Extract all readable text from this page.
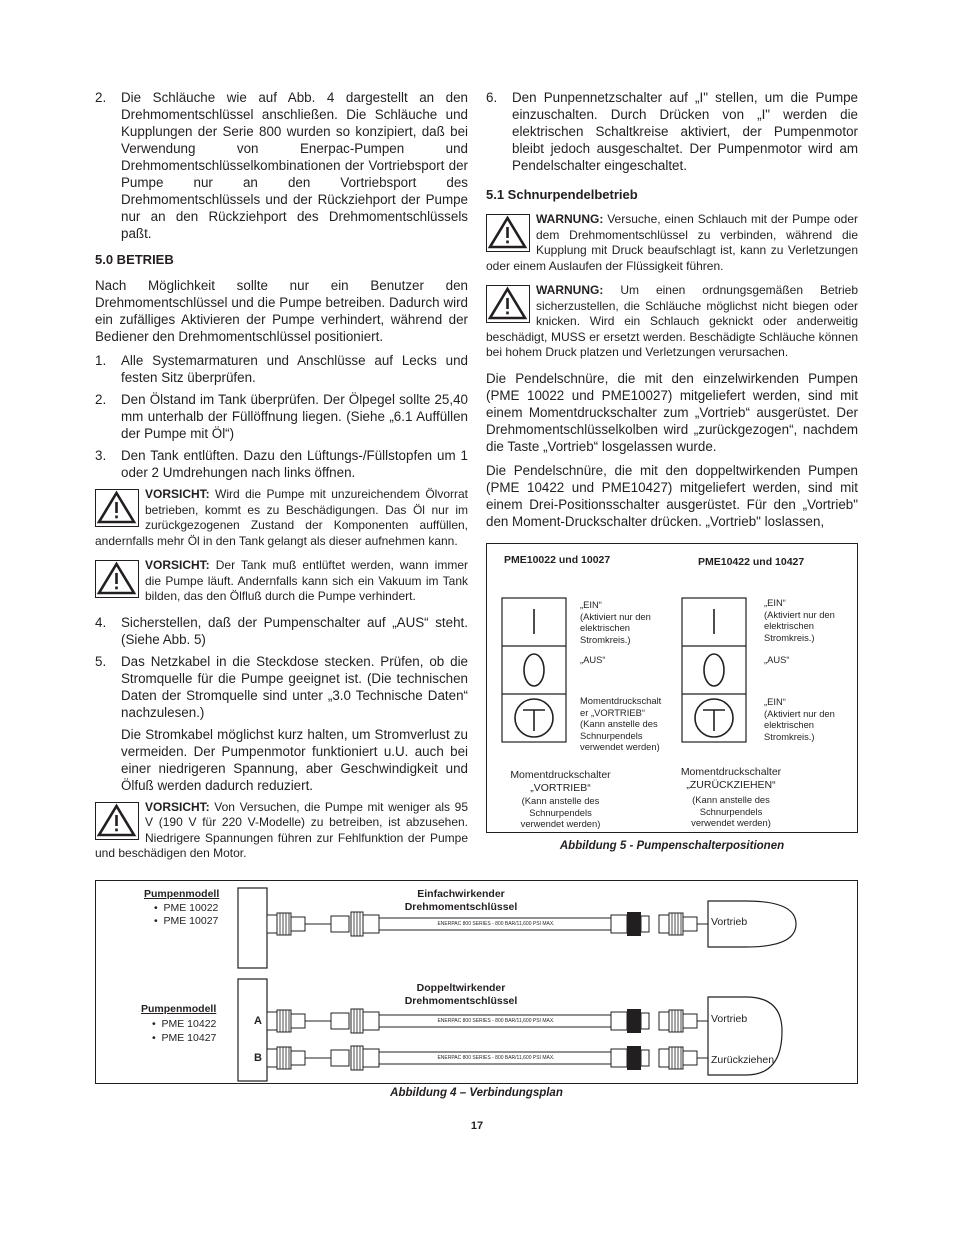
2. Die Schläuche wie auf Abb. 4 dargestellt an den Drehmomentschlüssel anschließen. Die Schläuche und Kupplungen der Serie 800 wurden so konzipiert, daß bei Verwendung von Enerpac-Pumpen und Drehmomentschlüsselkombinationen der Vortriebsport der Pumpe nur an den Vortriebsport des Drehmomentschlüssels und der Rückziehport der Pumpe nur an den Rückziehport des Drehmomentschlüssels paßt.
5.0 BETRIEB

Nach Möglichkeit sollte nur ein Benutzer den Drehmomentschlüssel und die Pumpe betreiben. Dadurch wird ein zufälliges Aktivieren der Pumpe verhindert, während der Bediener den Drehmomentschlüssel positioniert.

1. Alle Systemarmaturen und Anschlüsse auf Lecks und festen Sitz überprüfen.
2. Den Ölstand im Tank überprüfen. Der Ölpegel sollte 25,40 mm unterhalb der Füllöffnung liegen. (Siehe „6.1 Auffüllen der Pumpe mit Öl“)
3. Den Tank entlüften. Dazu den Lüftungs-/Füllstopfen um 1 oder 2 Umdrehungen nach links öffnen.
VORSICHT: Wird die Pumpe mit unzureichendem Ölvorrat betrieben, kommt es zu Beschädigungen. Das Öl nur im zurückgezogenen Zustand der Komponenten auffüllen, andernfalls mehr Öl in den Tank gelangt als dieser aufnehmen kann.
VORSICHT: Der Tank muß entlüftet werden, wann immer die Pumpe läuft. Andernfalls kann sich ein Vakuum im Tank bilden, das den Ölfluß durch die Pumpe verhindert.
4. Sicherstellen, daß der Pumpenschalter auf „AUS“ steht. (Siehe Abb. 5)
5. Das Netzkabel in die Steckdose stecken. Prüfen, ob die Stromquelle für die Pumpe geeignet ist. (Die technischen Daten der Stromquelle sind unter „3.0 Technische Daten“ nachzulesen.)
Die Stromkabel möglichst kurz halten, um Stromverlust zu vermeiden. Der Pumpenmotor funktioniert u.U. auch bei einer niedrigeren Spannung, aber Geschwindigkeit und Ölfuß werden dadurch reduziert.
VORSICHT: Von Versuchen, die Pumpe mit weniger als 95 V (190 V für 220 V-Modelle) zu betreiben, ist abzusehen. Niedrigere Spannungen führen zur Fehlfunktion der Pumpe und beschädigen den Motor.
6. Den Punpennetzschalter auf „I" stellen, um die Pumpe einzuschalten. Durch Drücken von „I" werden die elektrischen Schaltkreise aktiviert, der Pumpenmotor bleibt jedoch ausgeschaltet. Der Pumpenmotor wird am Pendelschalter eingeschaltet.
5.1 Schnurpendelbetrieb
WARNUNG: Versuche, einen Schlauch mit der Pumpe oder dem Drehmomentschlüssel zu verbinden, während die Kupplung mit Druck beaufschlagt ist, kann zu Verletzungen oder einem Auslaufen der Flüssigkeit führen.
WARNUNG: Um einen ordnungsgemäßen Betrieb sicherzustellen, die Schläuche möglichst nicht biegen oder knicken. Wird ein Schlauch geknickt oder anderweitig beschädigt, MUSS er ersetzt werden. Beschädigte Schläuche können bei hohem Druck platzen und Verletzungen verursachen.

Die Pendelschnüre, die mit den einzelwirkenden Pumpen (PME 10022 und PME10027) mitgeliefert werden, sind mit einem Momentdruckschalter zum „Vortrieb“ ausgerüstet. Der Drehmomentschlüsselkolben wird „zurückgezogen“, nachdem die Taste „Vortrieb“ losgelassen wurde.

Die Pendelschnüre, die mit den doppeltwirkenden Pumpen (PME 10422 und PME10427) mitgeliefert werden, sind mit einem Drei-Positionsschalter ausgerüstet. Für den „Vortrieb" den Moment-Druckschalter drücken. „Vortrieb" loslassen,

PME10022 und 10027	PME10422 und 10427
„EIN“
(Aktiviert nur den
elektrischen
Stromkreis.)
„AUS“
Momentdruckschalt
er „VORTRIEB“
(Kann anstelle des
Schnurpendels
verwendet werden)
„EIN“
(Aktiviert nur den
elektrischen
Stromkreis.)
„AUS“
„EIN“
(Aktiviert nur den
elektrischen
Stromkreis.)
Momentdruckschalter
„VORTRIEB“
(Kann anstelle des
Schnurpendels
verwendet werden)
Momentdruckschalter
„ZURÜCKZIEHEN“
(Kann anstelle des
Schnurpendels
verwendet werden)
Abbildung 5 - Pumpenschalterpositionen
Pumpenmodell
•  PME 10022
•  PME 10027
Pumpenmodell
•  PME 10422
•  PME 10427
Einfachwirkender
Drehmomentschlüssel
Doppeltwirkender
Drehmomentschlüssel
ENERPAC 800 SERIES - 800 BAR/11,600 PSI MAX.
ENERPAC 800 SERIES - 800 BAR/11,600 PSI MAX.
ENERPAC 800 SERIES - 800 BAR/11,600 PSI MAX.
A
B
Vortrieb
Vortrieb
Zurückziehen
Abbildung 4 – Verbindungsplan
17
